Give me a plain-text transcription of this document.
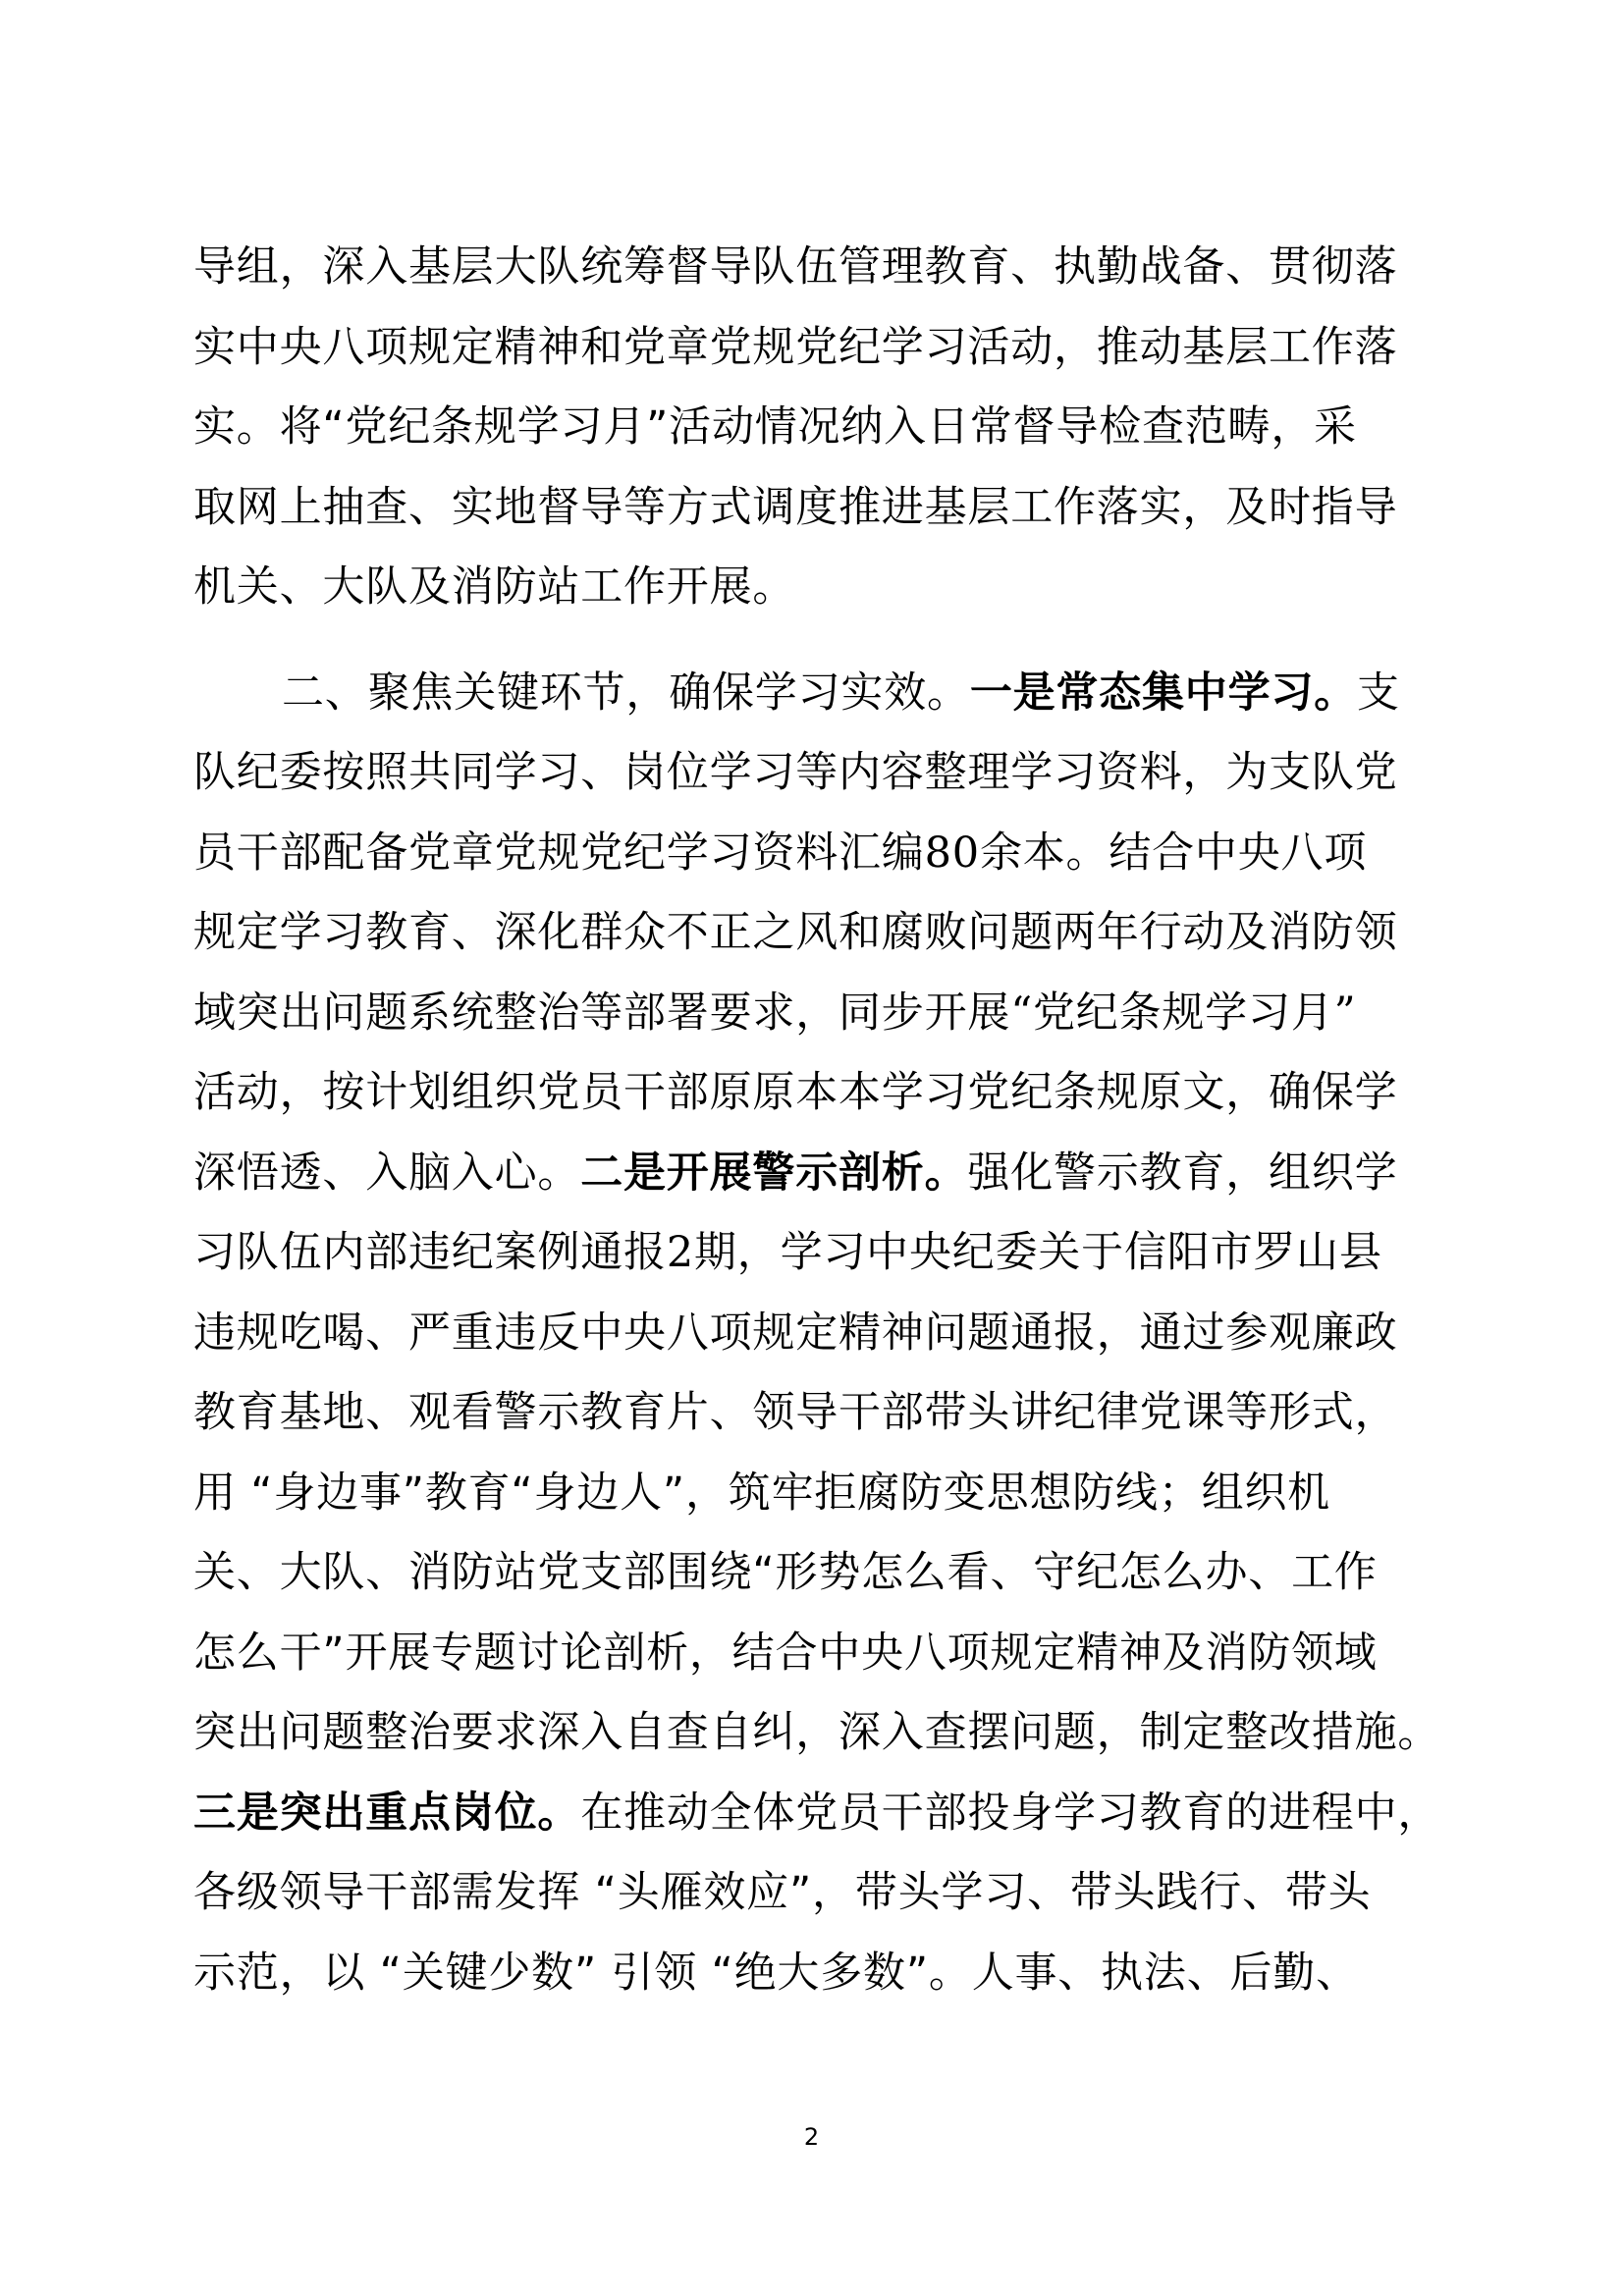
导组，深入基层大队统筹督导队伍管理教育、执勤战备、贯彻落
实中央八项规定精神和党章党规党纪学习活动，推动基层工作落
实。将“党纪条规学习月”活动情况纳入日常督导检查范畴，采
取网上抽查、实地督导等方式调度推进基层工作落实，及时指导
机关、大队及消防站工作开展。
二、聚焦关键环节，确保学习实效。一是常态集中学习。支
队纪委按照共同学习、岗位学习等内容整理学习资料，为支队党
员干部配备党章党规党纪学习资料汇编80余本。结合中央八项
规定学习教育、深化群众不正之风和腐败问题两年行动及消防领
域突出问题系统整治等部署要求，同步开展“党纪条规学习月”
活动，按计划组织党员干部原原本本学习党纪条规原文，确保学
深悟透、入脑入心。二是开展警示剖析。强化警示教育，组织学
习队伍内部违纪案例通报2期，学习中央纪委关于信阳市罗山县
违规吃喝、严重违反中央八项规定精神问题通报，通过参观廉政
教育基地、观看警示教育片、领导干部带头讲纪律党课等形式，
用 “身边事”教育“身边人”，筑牢拒腐防变思想防线；组织机
关、大队、消防站党支部围绕“形势怎么看、守纪怎么办、工作
怎么干”开展专题讨论剖析，结合中央八项规定精神及消防领域
突出问题整治要求深入自查自纠，深入查摆问题，制定整改措施。
三是突出重点岗位。在推动全体党员干部投身学习教育的进程中，
各级领导干部需发挥 “头雁效应”，带头学习、带头践行、带头
示范，以 “关键少数” 引领 “绝大多数”。人事、执法、后勤、
2
